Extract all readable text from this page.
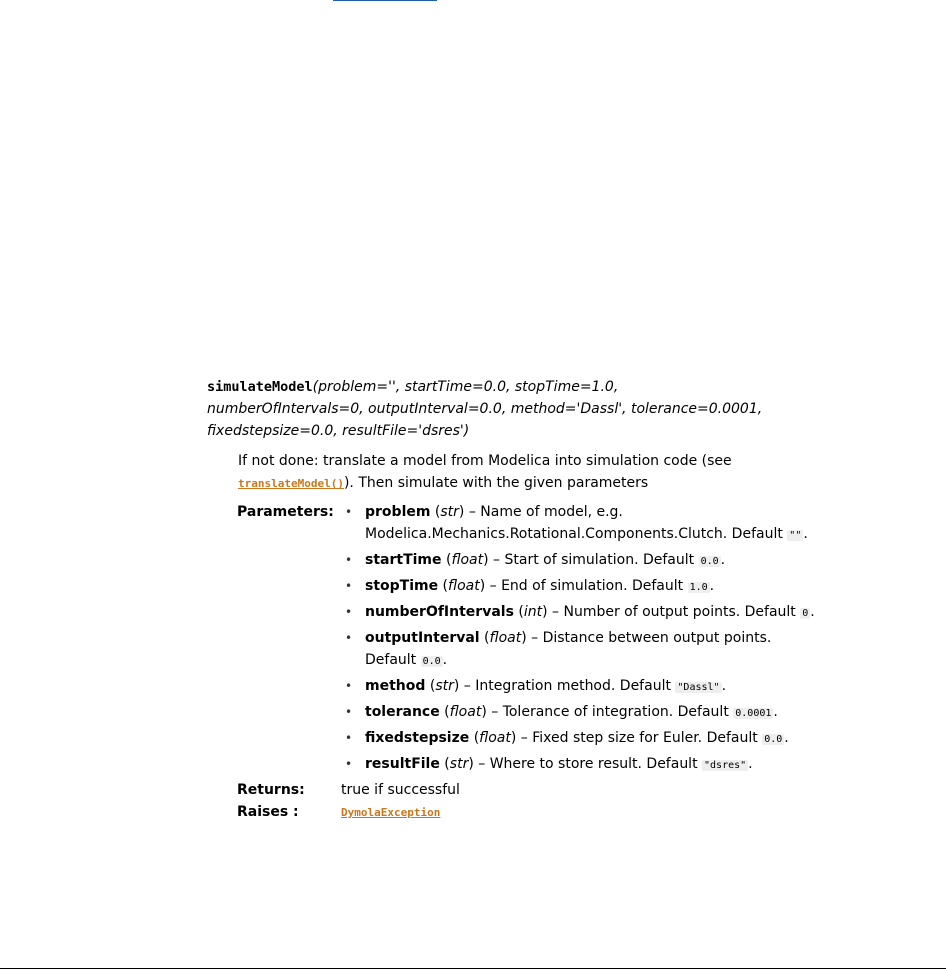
simulateModel(problem='', startTime=0.0, stopTime=1.0,
numberOfIntervals=0, outputInterval=0.0, method='Dassl', tolerance=0.0001,
fixedstepsize=0.0, resultFile='dsres')
If not done: translate a model from Modelica into simulation code (see
translateModel()). Then simulate with the given parameters
Parameters:
•	problem (str) – Name of model, e.g. Modelica.Mechanics.Rotational.Components.Clutch. Default "" .
• startTime (float) – Start of simulation. Default 0.0 .
• stopTime (float) – End of simulation. Default 1.0 .
• numberOfIntervals (int) – Number of output points. Default 0 .
• outputInterval (float) – Distance between output points. Default 0.0 .
• method (str) – Integration method. Default "Dassl" .
• tolerance (float) – Tolerance of integration. Default 0.0001 .
• fixedstepsize (float) – Fixed step size for Euler. Default 0.0 .
• resultFile (str) – Where to store result. Default "dsres" .
Returns:	true if successful
Raises :	DymolaException
